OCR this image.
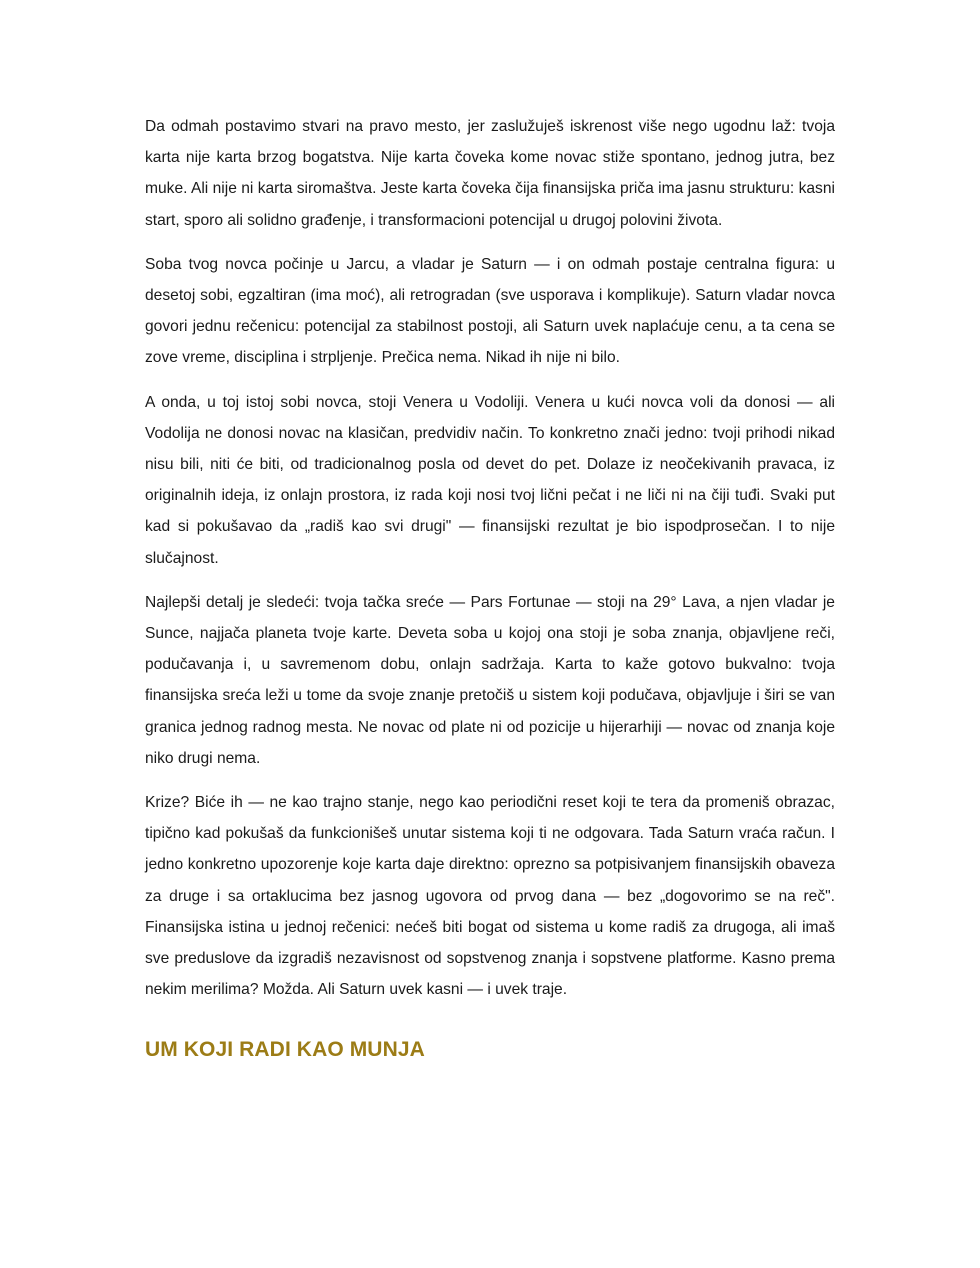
Da odmah postavimo stvari na pravo mesto, jer zaslužuješ iskrenost više nego ugodnu laž: tvoja karta nije karta brzog bogatstva. Nije karta čoveka kome novac stiže spontano, jednog jutra, bez muke. Ali nije ni karta siromaštva. Jeste karta čoveka čija finansijska priča ima jasnu strukturu: kasni start, sporo ali solidno građenje, i transformacioni potencijal u drugoj polovini života.

Soba tvog novca počinje u Jarcu, a vladar je Saturn — i on odmah postaje centralna figura: u desetoj sobi, egzaltiran (ima moć), ali retrogradan (sve usporava i komplikuje). Saturn vladar novca govori jednu rečenicu: potencijal za stabilnost postoji, ali Saturn uvek naplaćuje cenu, a ta cena se zove vreme, disciplina i strpljenje. Prečica nema. Nikad ih nije ni bilo.

A onda, u toj istoj sobi novca, stoji Venera u Vodoliji. Venera u kući novca voli da donosi — ali Vodolija ne donosi novac na klasičan, predvidiv način. To konkretno znači jedno: tvoji prihodi nikad nisu bili, niti će biti, od tradicionalnog posla od devet do pet. Dolaze iz neočekivanih pravaca, iz originalnih ideja, iz onlajn prostora, iz rada koji nosi tvoj lični pečat i ne liči ni na čiji tuđi. Svaki put kad si pokušavao da „radiš kao svi drugi" — finansijski rezultat je bio ispodprosečan. I to nije slučajnost.

Najlepši detalj je sledeći: tvoja tačka sreće — Pars Fortunae — stoji na 29° Lava, a njen vladar je Sunce, najjača planeta tvoje karte. Deveta soba u kojoj ona stoji je soba znanja, objavljene reči, podučavanja i, u savremenom dobu, onlajn sadržaja. Karta to kaže gotovo bukvalno: tvoja finansijska sreća leži u tome da svoje znanje pretočiš u sistem koji podučava, objavljuje i širi se van granica jednog radnog mesta. Ne novac od plate ni od pozicije u hijerarhiji — novac od znanja koje niko drugi nema.

Krize? Biće ih — ne kao trajno stanje, nego kao periodični reset koji te tera da promeniš obrazac, tipično kad pokušaš da funkcionišeš unutar sistema koji ti ne odgovara. Tada Saturn vraća račun. I jedno konkretno upozorenje koje karta daje direktno: oprezno sa potpisivanjem finansijskih obaveza za druge i sa ortaklucima bez jasnog ugovora od prvog dana — bez „dogovorimo se na reč". Finansijska istina u jednoj rečenici: nećeš biti bogat od sistema u kome radiš za drugoga, ali imaš sve preduslove da izgradiš nezavisnost od sopstvenog znanja i sopstvene platforme. Kasno prema nekim merilima? Možda. Ali Saturn uvek kasni — i uvek traje.

UM KOJI RADI KAO MUNJA
